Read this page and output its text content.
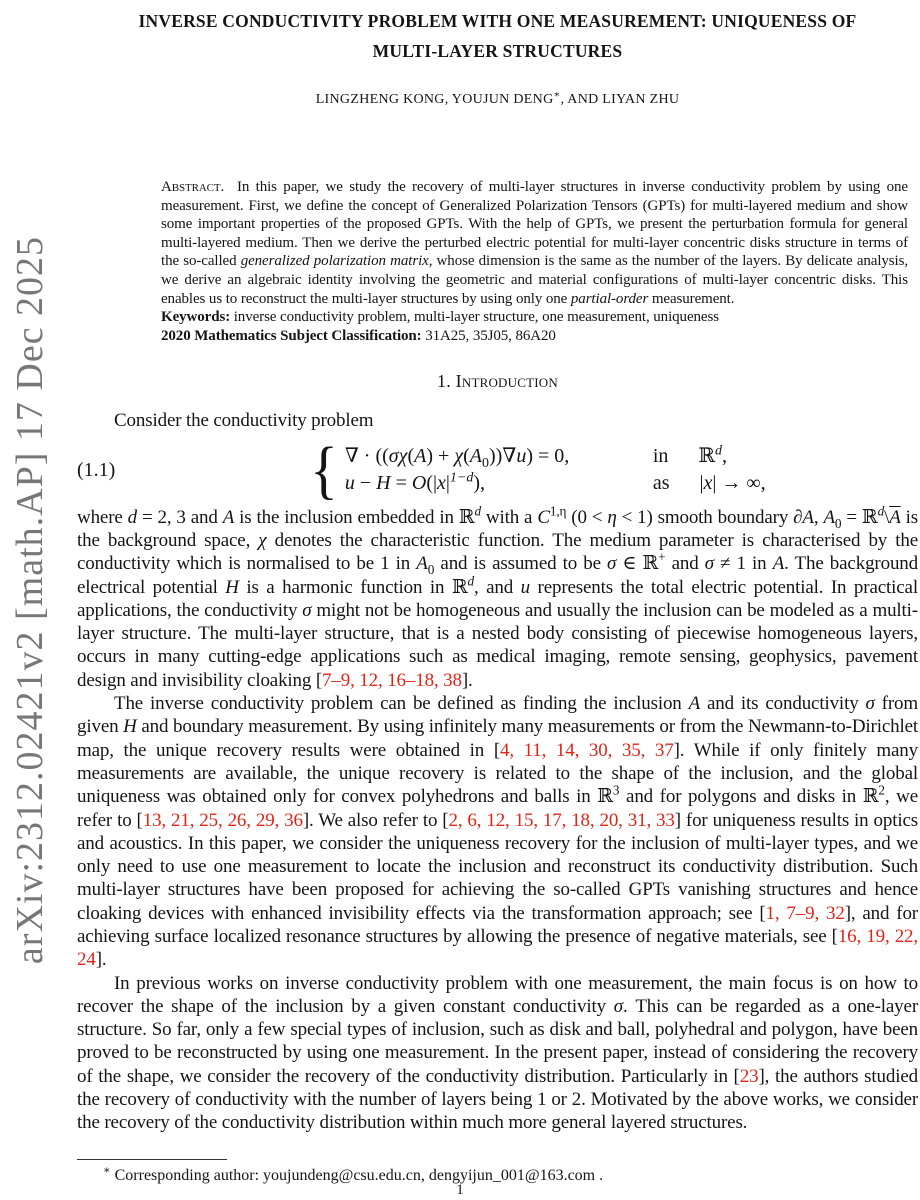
arXiv:2312.02421v2 [math.AP] 17 Dec 2025
INVERSE CONDUCTIVITY PROBLEM WITH ONE MEASUREMENT: UNIQUENESS OF
MULTI-LAYER STRUCTURES
LINGZHENG KONG, YOUJUN DENG∗, AND LIYAN ZHU
Abstract.  In this paper, we study the recovery of multi-layer structures in inverse conductivity problem by using one measurement. First, we define the concept of Generalized Polarization Tensors (GPTs) for multi-layered medium and show some important properties of the proposed GPTs. With the help of GPTs, we present the perturbation formula for general multi-layered medium. Then we derive the perturbed electric potential for multi-layer concentric disks structure in terms of the so-called generalized polarization matrix, whose dimension is the same as the number of the layers. By delicate analysis, we derive an algebraic identity involving the geometric and material configurations of multi-layer concentric disks. This enables us to reconstruct the multi-layer structures by using only one partial-order measurement.
Keywords: inverse conductivity problem, multi-layer structure, one measurement, uniqueness
2020 Mathematics Subject Classification: 31A25, 35J05, 86A20
1. Introduction
Consider the conductivity problem
(1.1)	{ ∇ · $((\sigma\chi(A) + \chi(A_0))\nabla u) = 0$,	in   ℝ$^d$,
$u - H = O(|x|^{1-d})$,	as  |x| → ∞,
where d = 2, 3 and A is the inclusion embedded in ℝ$^d$ with a $C^{1,\eta}$ (0 < η < 1) smooth boundary ∂A, $A_0$ = $ℝ^d\backslash\overline{A}$ is the background space, χ denotes the characteristic function. The medium parameter is characterised by the conductivity which is normalised to be 1 in $A_0$ and is assumed to be σ ∈ ℝ+ and σ ≠ 1 in A. The background electrical potential H is a harmonic function in ℝ$^d$, and u represents the total electric potential. In practical applications, the conductivity σ might not be homogeneous and usually the inclusion can be modeled as a multi-layer structure. The multi-layer structure, that is a nested body consisting of piecewise homogeneous layers, occurs in many cutting-edge applications such as medical imaging, remote sensing, geophysics, pavement design and invisibility cloaking [7–9, 12, 16–18, 38].
The inverse conductivity problem can be defined as finding the inclusion A and its conductivity σ from given H and boundary measurement. By using infinitely many measurements or from the Newmann-to-Dirichlet map, the unique recovery results were obtained in [4, 11, 14, 30, 35, 37]. While if only finitely many measurements are available, the unique recovery is related to the shape of the inclusion, and the global uniqueness was obtained only for convex polyhedrons and balls in ℝ$^3$ and for polygons and disks in ℝ$^2$, we refer to [13, 21, 25, 26, 29, 36]. We also refer to [2, 6, 12, 15, 17, 18, 20, 31, 33] for uniqueness results in optics and acoustics. In this paper, we consider the uniqueness recovery for the inclusion of multi-layer types, and we only need to use one measurement to locate the inclusion and reconstruct its conductivity distribution. Such multi-layer structures have been proposed for achieving the so-called GPTs vanishing structures and hence cloaking devices with enhanced invisibility effects via the transformation approach; see [1, 7–9, 32], and for achieving surface localized resonance structures by allowing the presence of negative materials, see [16, 19, 22, 24].
In previous works on inverse conductivity problem with one measurement, the main focus is on how to recover the shape of the inclusion by a given constant conductivity σ. This can be regarded as a one-layer structure. So far, only a few special types of inclusion, such as disk and ball, polyhedral and polygon, have been proved to be reconstructed by using one measurement. In the present paper, instead of considering the recovery of the shape, we consider the recovery of the conductivity distribution. Particularly in [23], the authors studied the recovery of conductivity with the number of layers being 1 or 2. Motivated by the above works, we consider the recovery of the conductivity distribution within much more general layered structures.
∗ Corresponding author: youjundeng@csu.edu.cn, dengyijun_001@163.com .
1
